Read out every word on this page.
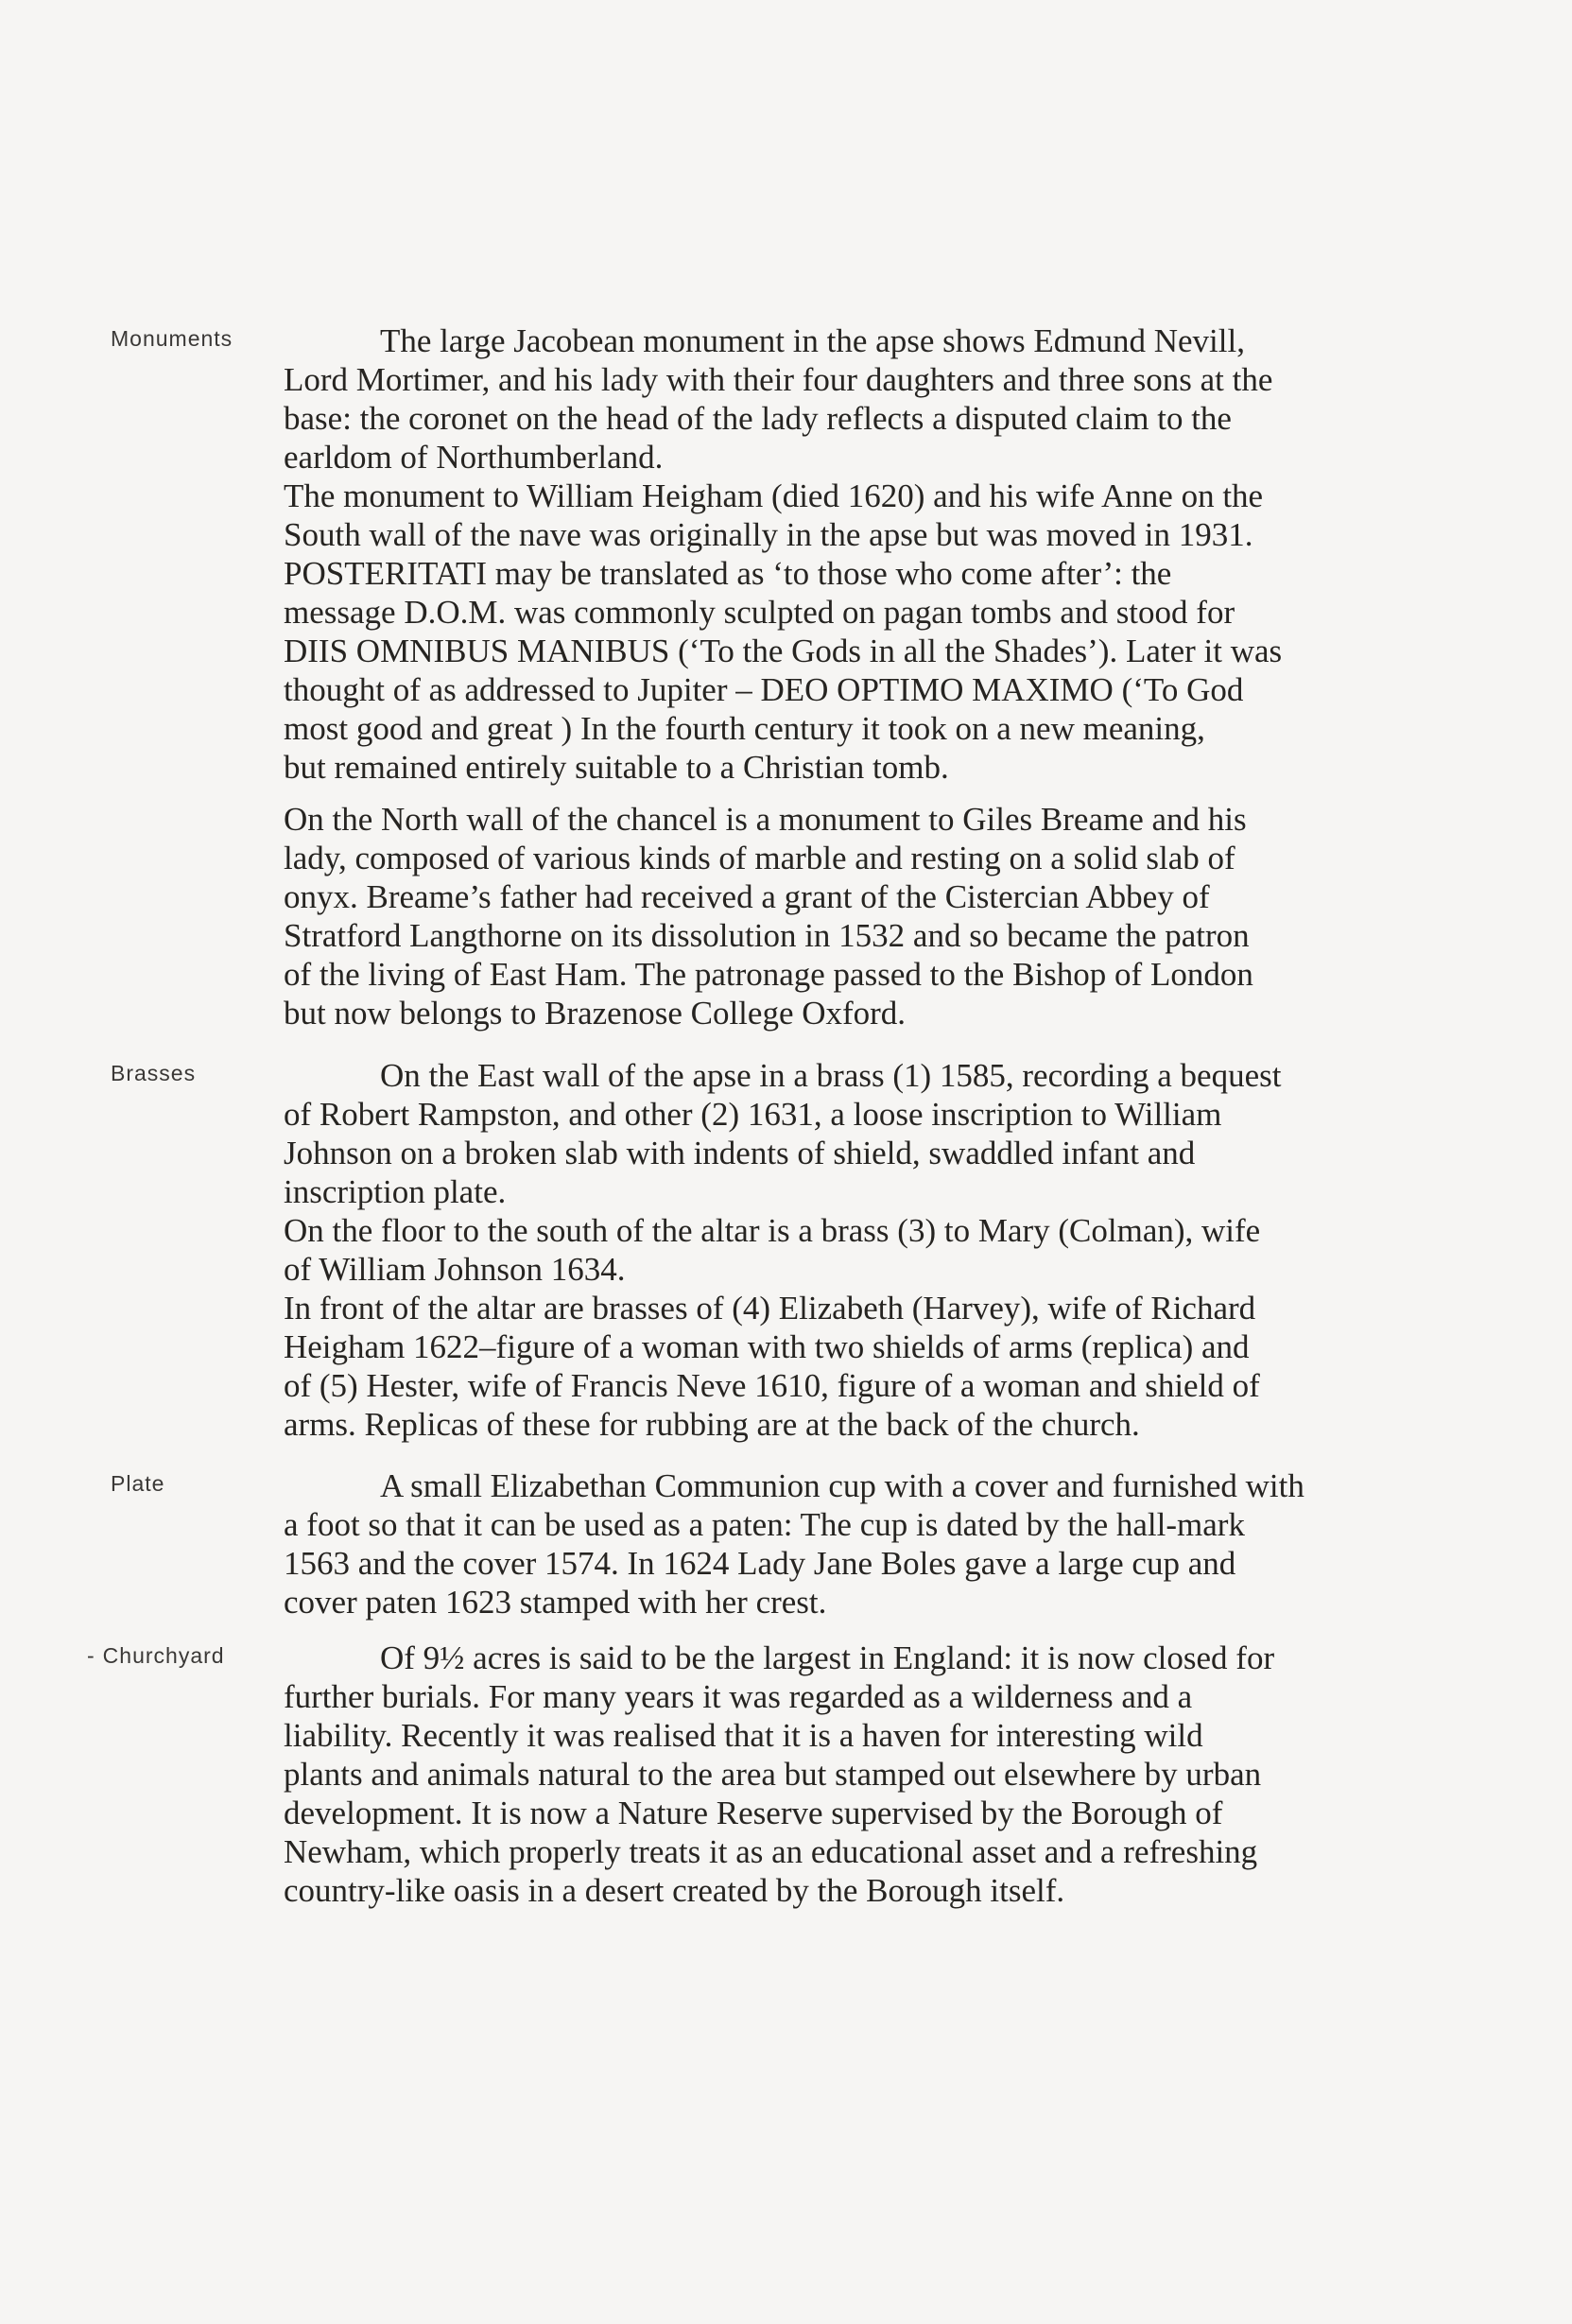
Monuments	The large Jacobean monument in the apse shows Edmund Nevill,
Lord Mortimer, and his lady with their four daughters and three sons at the
base: the coronet on the head of the lady reflects a disputed claim to the
earldom of Northumberland.
The monument to William Heigham (died 1620) and his wife Anne on the
South wall of the nave was originally in the apse but was moved in 1931.
POSTERITATI may be translated as ‘to those who come after’: the
message D.O.M. was commonly sculpted on pagan tombs and stood for
DIIS OMNIBUS MANIBUS (‘To the Gods in all the Shades’). Later it was
thought of as addressed to Jupiter – DEO OPTIMO MAXIMO (‘To God
most good and great ) In the fourth century it took on a new meaning,
but remained entirely suitable to a Christian tomb.
On the North wall of the chancel is a monument to Giles Breame and his
lady, composed of various kinds of marble and resting on a solid slab of
onyx. Breame’s father had received a grant of the Cistercian Abbey of
Stratford Langthorne on its dissolution in 1532 and so became the patron
of the living of East Ham. The patronage passed to the Bishop of London
but now belongs to Brazenose College Oxford.
Brasses	On the East wall of the apse in a brass (1) 1585, recording a bequest
of Robert Rampston, and other (2) 1631, a loose inscription to William
Johnson on a broken slab with indents of shield, swaddled infant and
inscription plate.
On the floor to the south of the altar is a brass (3) to Mary (Colman), wife
of William Johnson 1634.
In front of the altar are brasses of (4) Elizabeth (Harvey), wife of Richard
Heigham 1622–figure of a woman with two shields of arms (replica) and
of (5) Hester, wife of Francis Neve 1610, figure of a woman and shield of
arms. Replicas of these for rubbing are at the back of the church.
Plate	A small Elizabethan Communion cup with a cover and furnished with
a foot so that it can be used as a paten: The cup is dated by the hall-mark
1563 and the cover 1574. In 1624 Lady Jane Boles gave a large cup and
cover paten 1623 stamped with her crest.
- Churchyard	Of 9½ acres is said to be the largest in England: it is now closed for
further burials. For many years it was regarded as a wilderness and a
liability. Recently it was realised that it is a haven for interesting wild
plants and animals natural to the area but stamped out elsewhere by urban
development. It is now a Nature Reserve supervised by the Borough of
Newham, which properly treats it as an educational asset and a refreshing
country-like oasis in a desert created by the Borough itself.
